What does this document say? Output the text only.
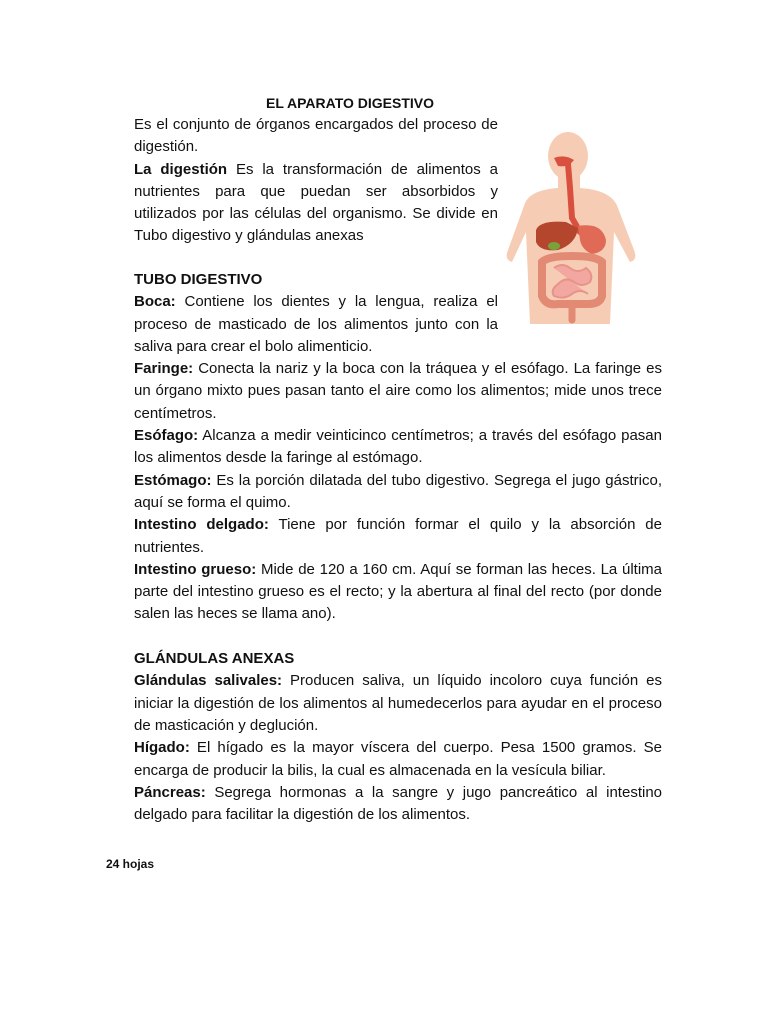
EL APARATO DIGESTIVO

Es el conjunto de órganos encargados del proceso de digestión.

La digestión Es la transformación de alimentos a nutrientes para que puedan ser absorbidos y utilizados por las células del organismo. Se divide en Tubo digestivo y glándulas anexas

TUBO DIGESTIVO

Boca: Contiene los dientes y la lengua, realiza el proceso de masticado de los alimentos junto con la saliva para crear el bolo alimenticio.

Faringe: Conecta la nariz y la boca con la tráquea y el esófago. La faringe es un órgano mixto pues pasan tanto el aire como los alimentos; mide unos trece centímetros.

Esófago: Alcanza a medir veinticinco centímetros; a través del esófago pasan los alimentos desde la faringe al estómago.

Estómago: Es la porción dilatada del tubo digestivo. Segrega el jugo gástrico, aquí se forma el quimo.

Intestino delgado: Tiene por función formar el quilo y la absorción de nutrientes.

Intestino grueso: Mide de 120 a 160 cm. Aquí se forman las heces. La última parte del intestino grueso es el recto; y la abertura al final del recto (por donde salen las heces se llama ano).

GLÁNDULAS ANEXAS

Glándulas salivales: Producen saliva, un líquido incoloro cuya función es iniciar la digestión de los alimentos al humedecerlos para ayudar en el proceso de masticación y deglución.

Hígado: El hígado es la mayor víscera del cuerpo. Pesa 1500 gramos. Se encarga de producir la bilis, la cual es almacenada en la vesícula biliar.

Páncreas: Segrega hormonas a la sangre y jugo pancreático al intestino delgado para facilitar la digestión de los alimentos.

24 hojas
